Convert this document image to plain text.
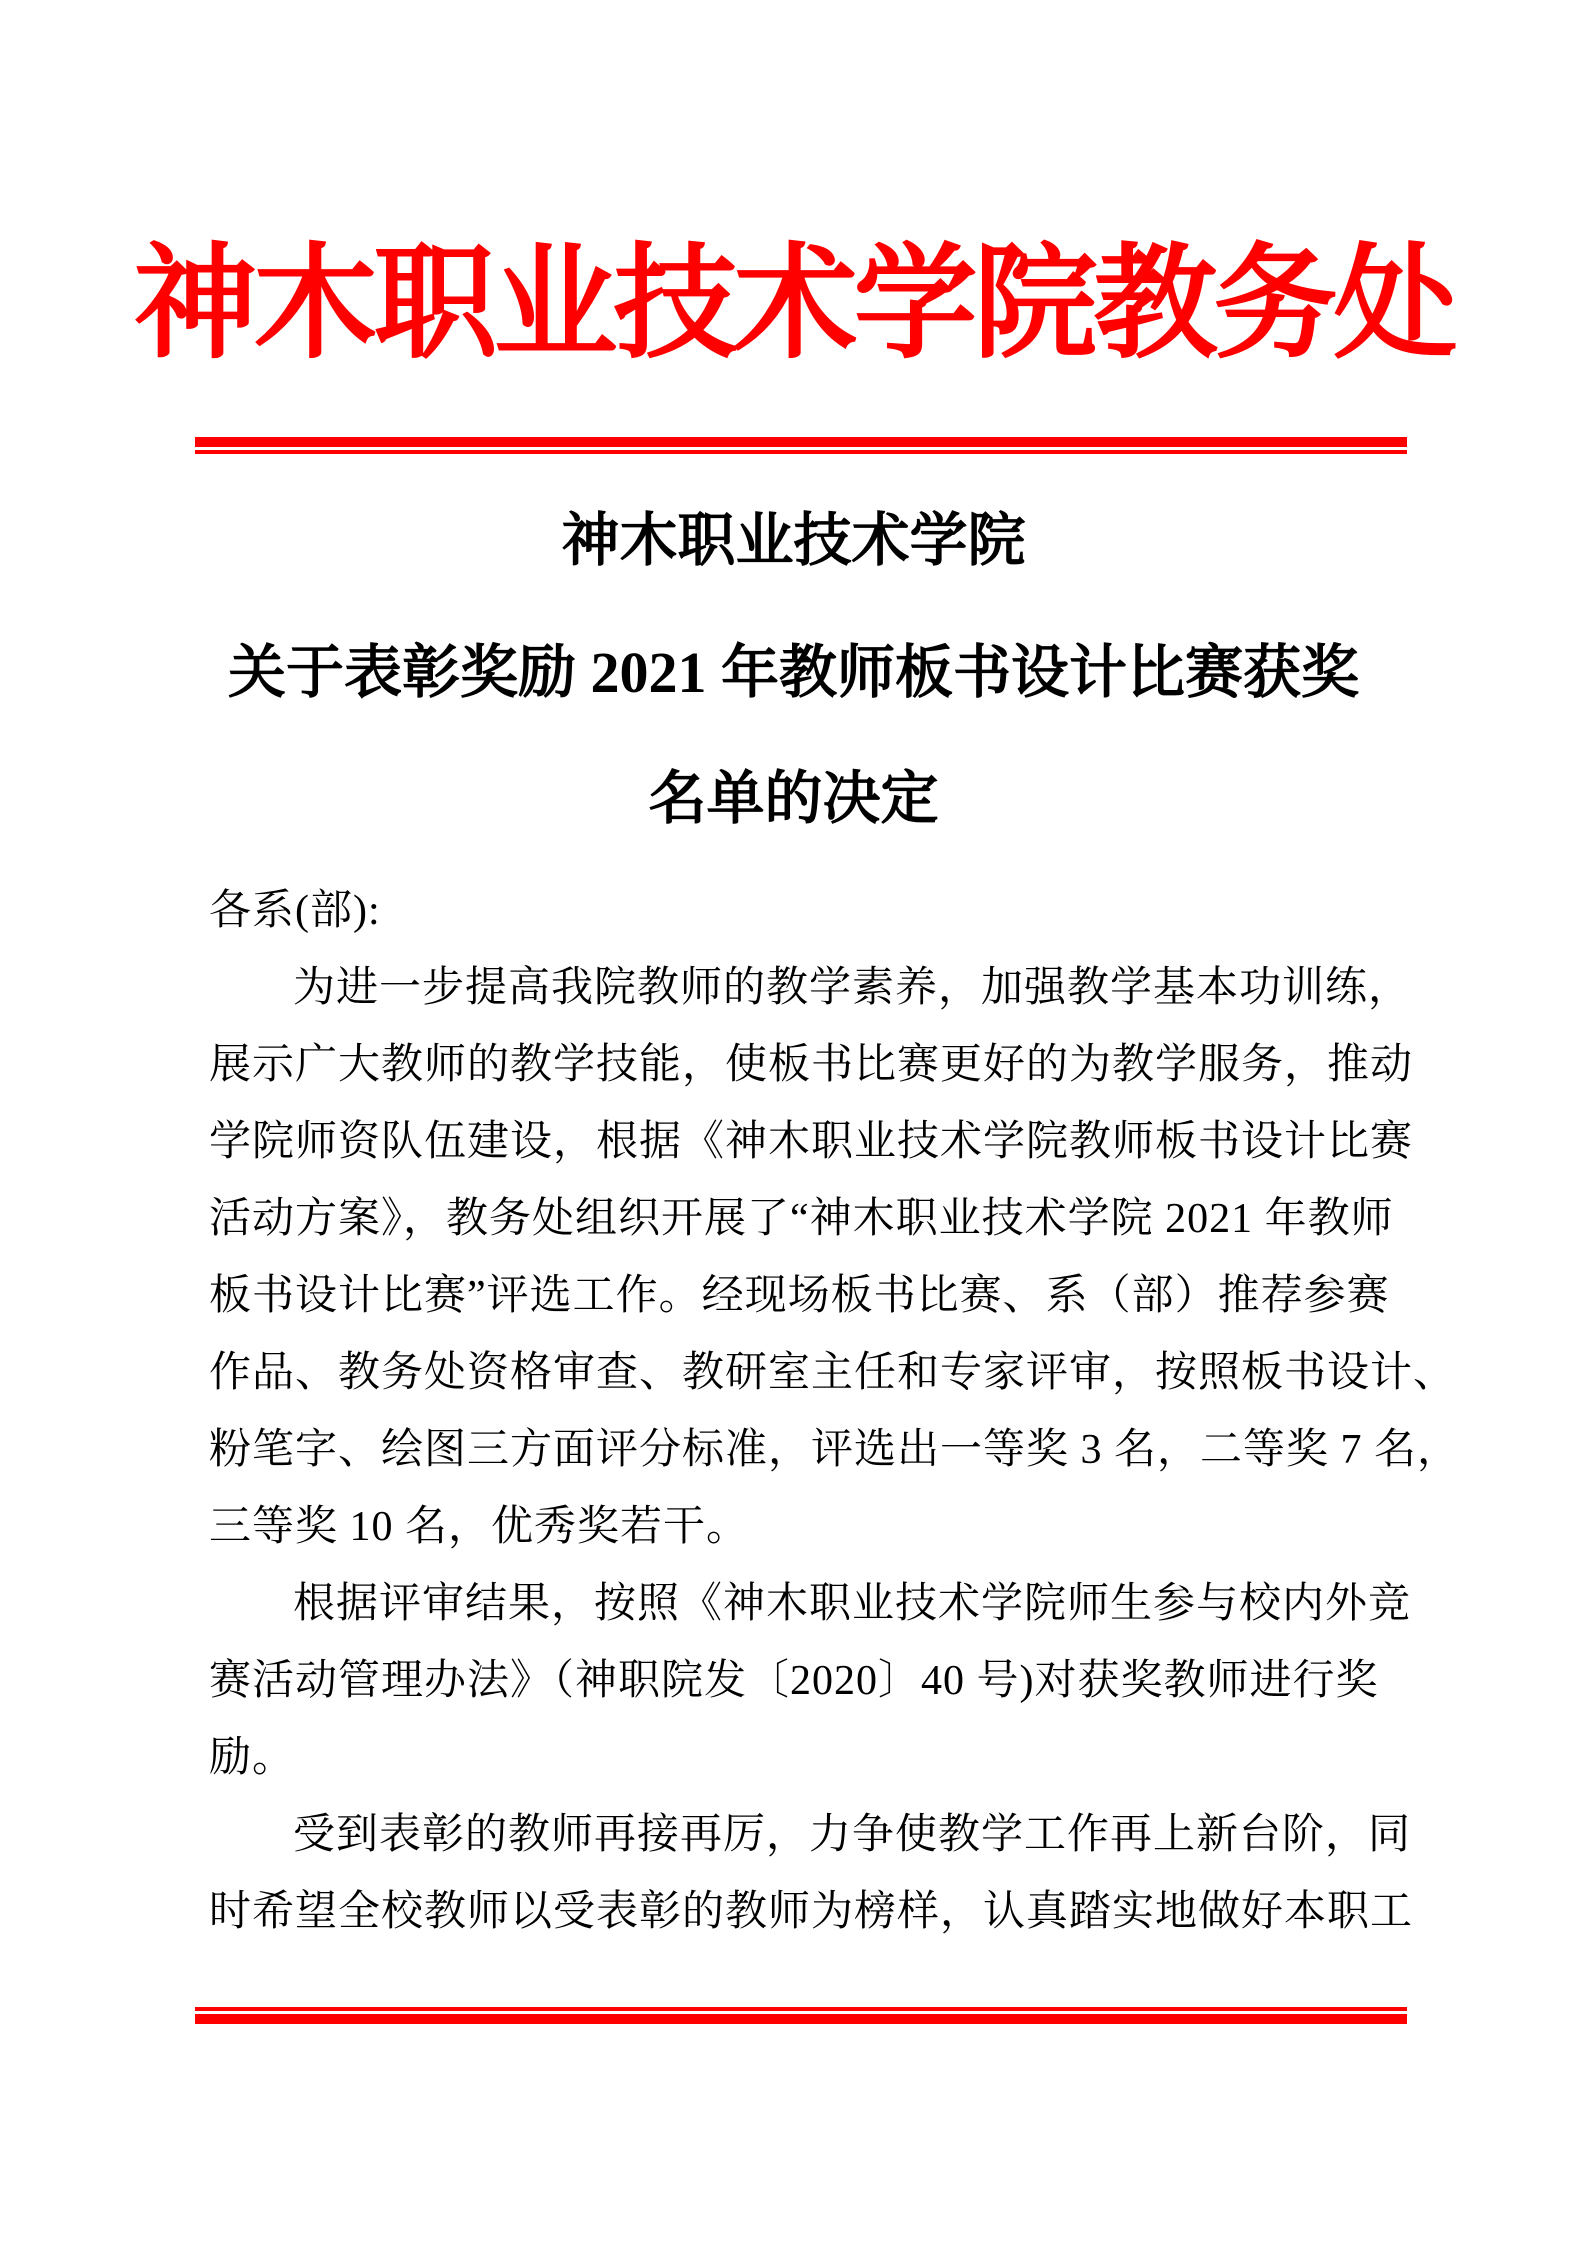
神木职业技术学院教务处
神木职业技术学院
关于表彰奖励 2021 年教师板书设计比赛获奖
名单的决定
各系(部):
为进一步提高我院教师的教学素养，加强教学基本功训练，
展示广大教师的教学技能，使板书比赛更好的为教学服务，推动
学院师资队伍建设，根据《神木职业技术学院教师板书设计比赛
活动方案》，教务处组织开展了“神木职业技术学院 2021 年教师
板书设计比赛”评选工作。经现场板书比赛、系（部）推荐参赛
作品、教务处资格审查、教研室主任和专家评审，按照板书设计、
粉笔字、绘图三方面评分标准，评选出一等奖 3 名，二等奖 7 名，
三等奖 10 名，优秀奖若干。
根据评审结果，按照《神木职业技术学院师生参与校内外竞
赛活动管理办法》（神职院发〔2020〕40 号)对获奖教师进行奖
励。
受到表彰的教师再接再厉，力争使教学工作再上新台阶，同
时希望全校教师以受表彰的教师为榜样，认真踏实地做好本职工
